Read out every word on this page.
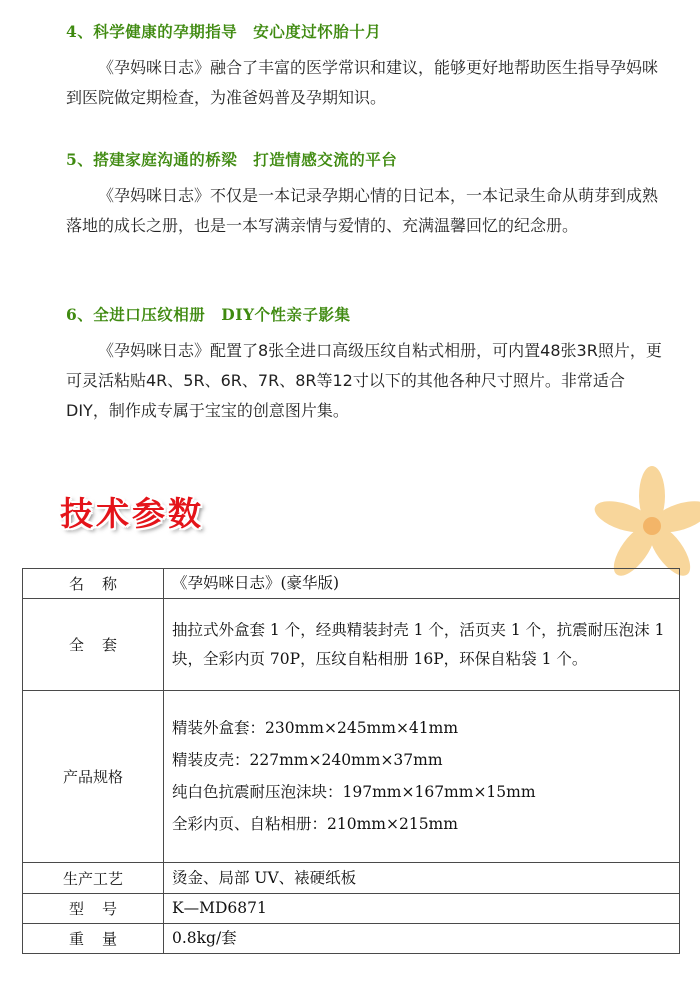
4、科学健康的孕期指导　安心度过怀胎十月
《孕妈咪日志》融合了丰富的医学常识和建议，能够更好地帮助医生指导孕妈咪到医院做定期检查，为准爸妈普及孕期知识。
5、搭建家庭沟通的桥梁　打造情感交流的平台
《孕妈咪日志》不仅是一本记录孕期心情的日记本，一本记录生命从萌芽到成熟落地的成长之册，也是一本写满亲情与爱情的、充满温馨回忆的纪念册。
6、全进口压纹相册　DIY个性亲子影集
《孕妈咪日志》配置了8张全进口高级压纹自粘式相册，可内置48张3R照片，更可灵活粘贴4R、5R、6R、7R、8R等12寸以下的其他各种尺寸照片。非常适合DIY，制作成专属于宝宝的创意图片集。
技术参数
名称	《孕妈咪日志》(豪华版)
全套	抽拉式外盒套 1 个，经典精装封壳 1 个，活页夹 1 个，抗震耐压泡沫 1 块，全彩内页 70P，压纹自粘相册 16P，环保自粘袋 1 个。
产品规格	精装外盒套：230mm×245mm×41mm
精装皮壳：227mm×240mm×37mm
纯白色抗震耐压泡沫块：197mm×167mm×15mm
全彩内页、自粘相册：210mm×215mm

生产工艺	烫金、局部 UV、裱硬纸板
型号	K—MD6871
重量	0.8kg/套
